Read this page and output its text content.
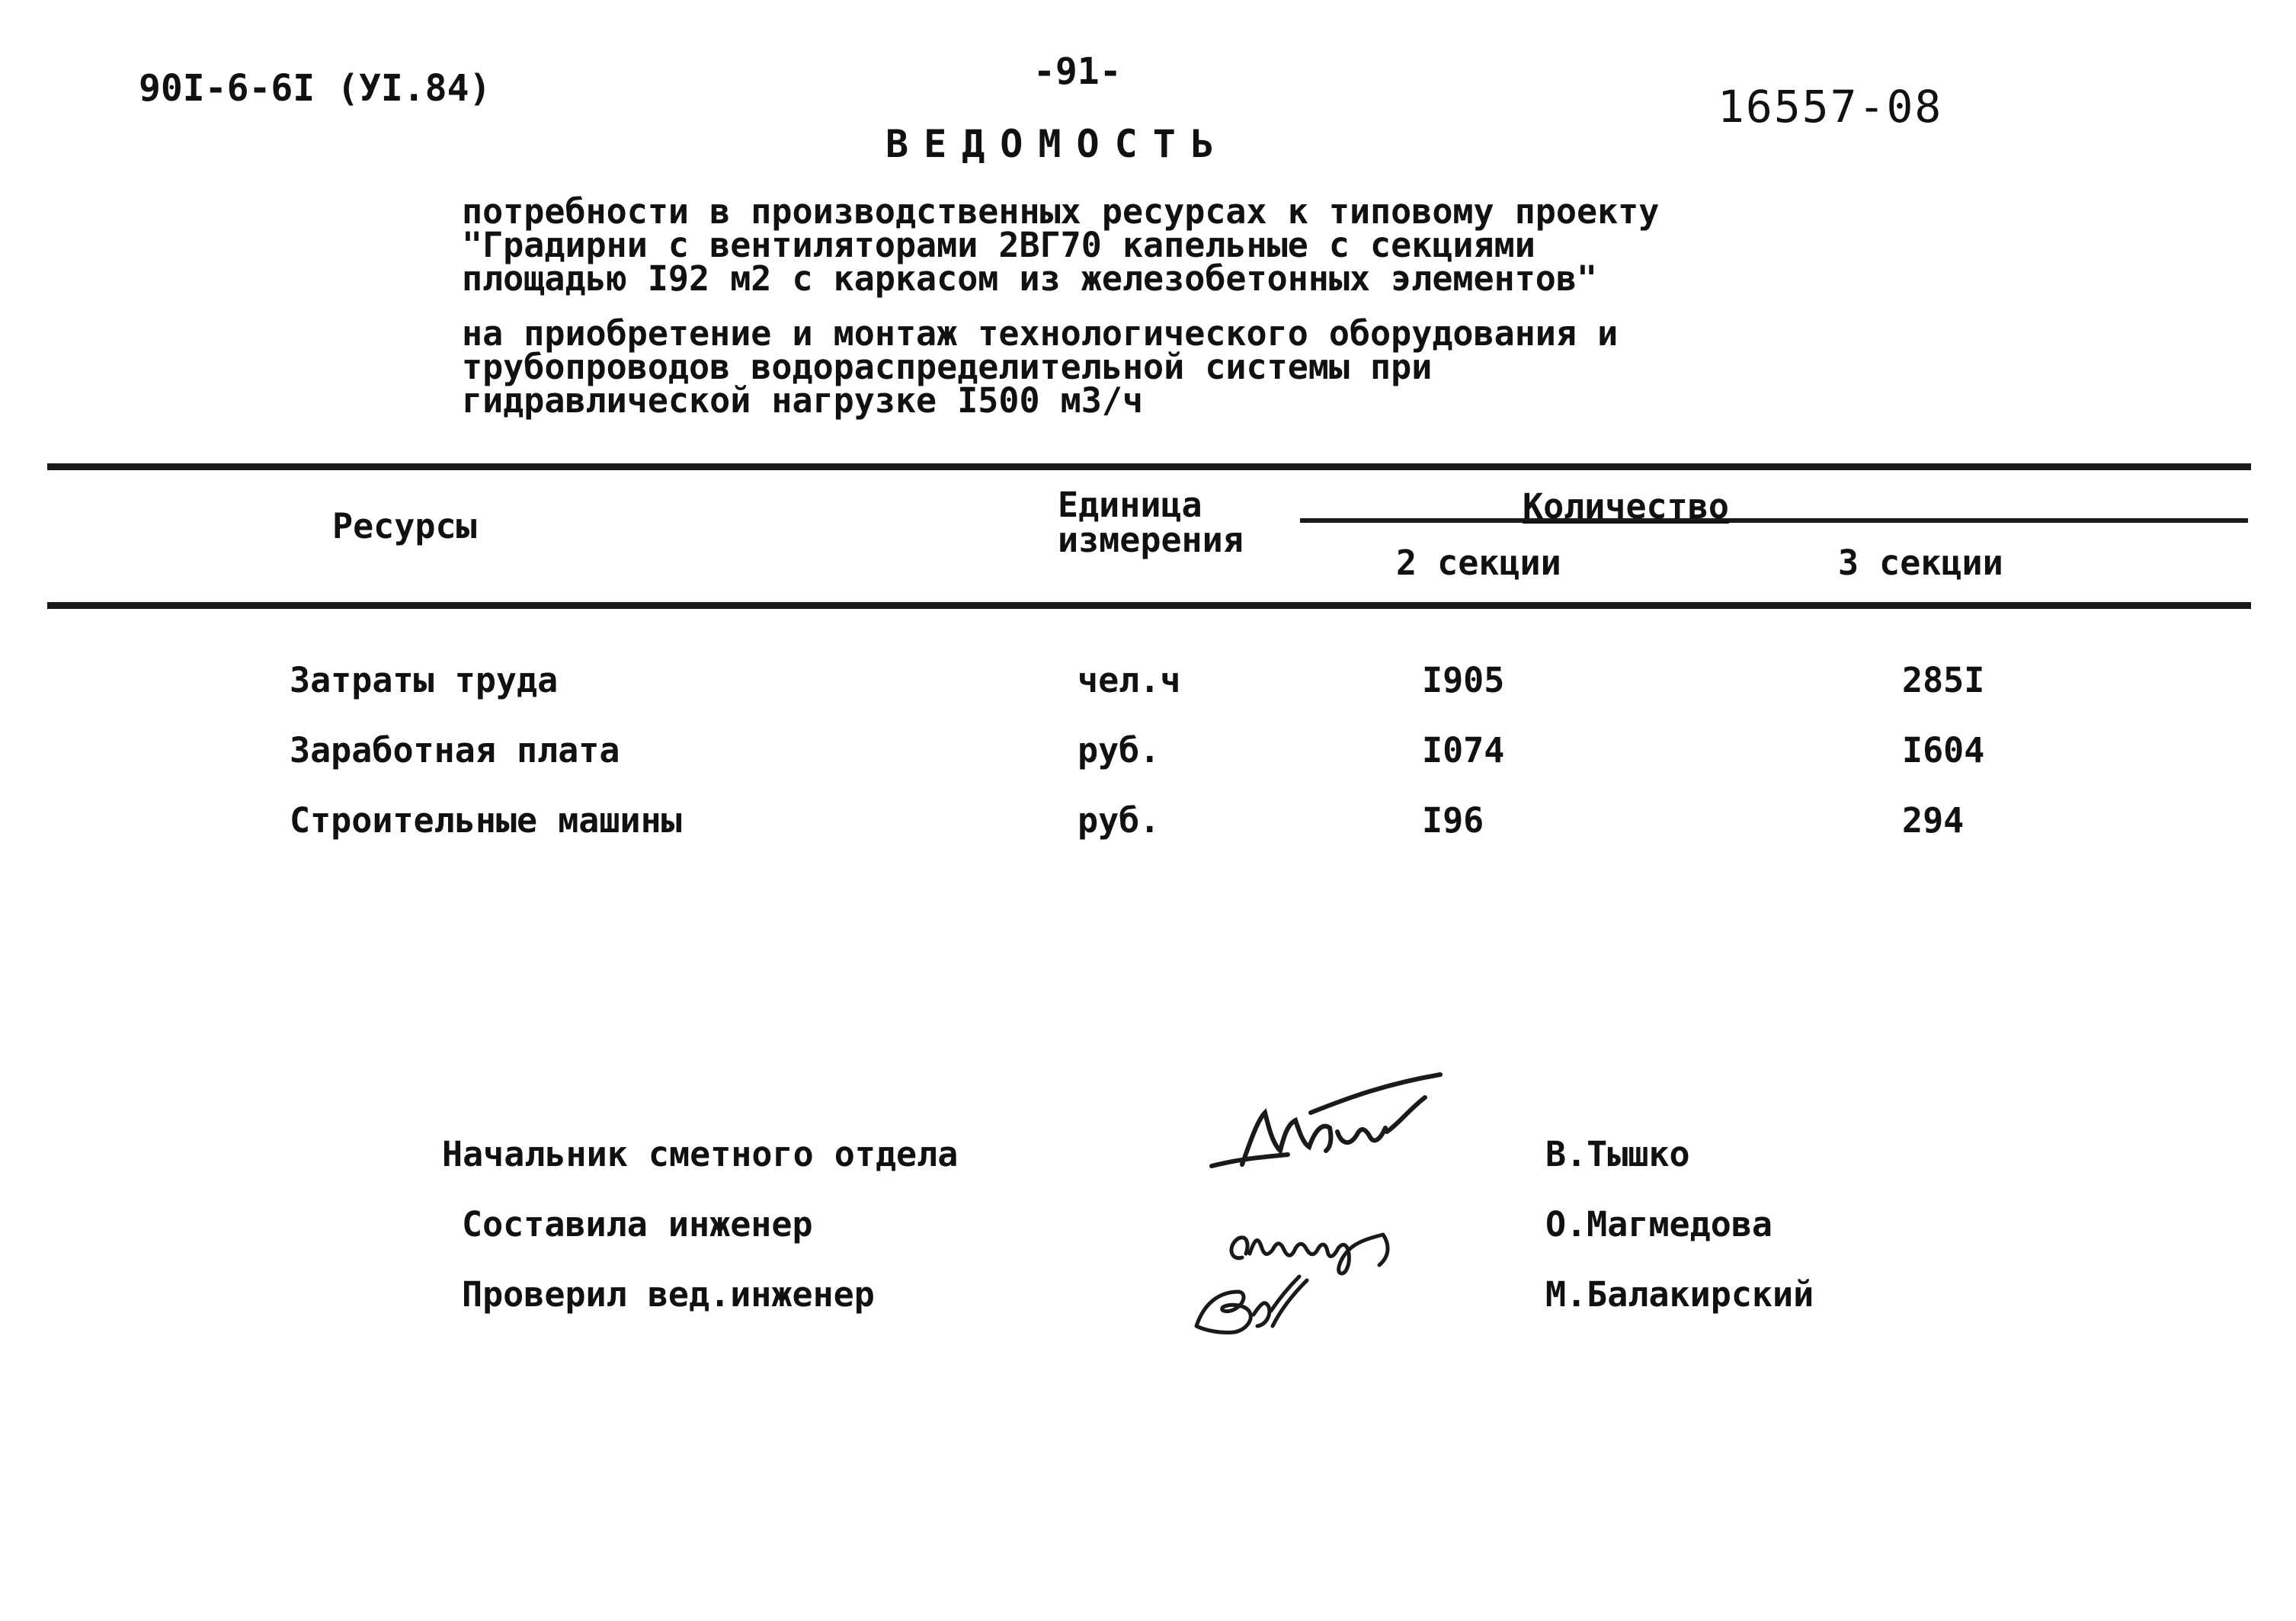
90I-6-6I (УI.84)	-91-
16557-08
ВЕДОМОСТЬ
потребности в производственных ресурсах к типовому проекту
"Градирни с вентиляторами 2ВГ70 капельные с секциями
площадью I92 м2 с каркасом из железобетонных элементов"
на приобретение и монтаж технологического оборудования и
трубопроводов водораспределительной системы при
гидравлической нагрузке I500 м3/ч
Ресурсы
Единица
измерения
Количество
2 секции	3 секции
Затраты труда	чел.ч	I905	285I
Заработная плата	руб.	I074	I604
Строительные машины	руб.	I96	294
Начальник сметного отдела
Составила инженер
Проверил вед.инженер
В.Тышко
О.Магмедова
М.Балакирский
